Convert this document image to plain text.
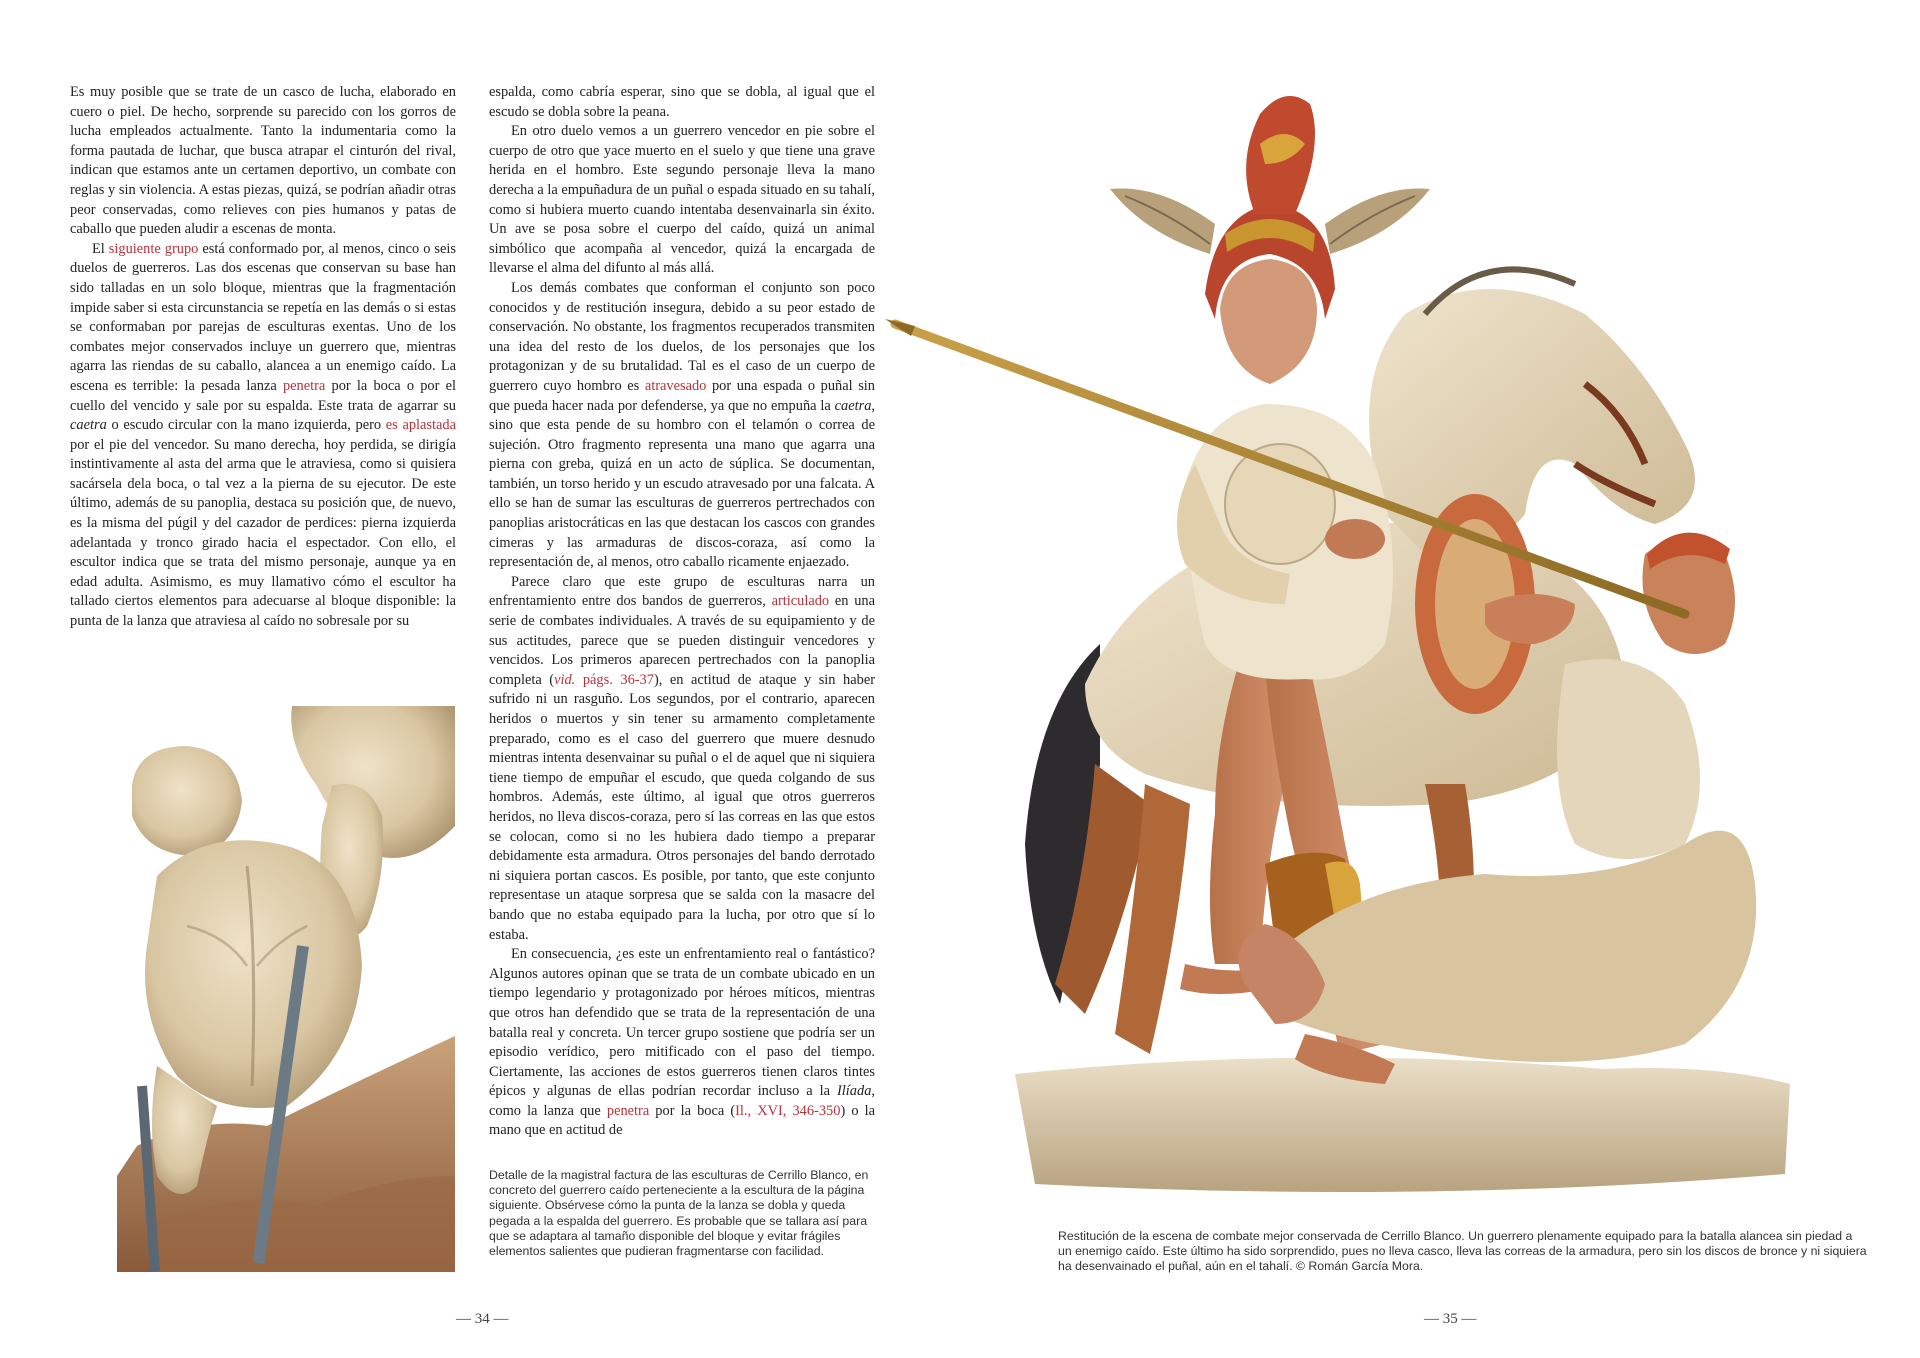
Es muy posible que se trate de un casco de lucha, elaborado en cuero o piel. De hecho, sorprende su parecido con los gorros de lucha empleados actualmente. Tanto la indumentaria como la forma pautada de luchar, que busca atrapar el cinturón del rival, indican que estamos ante un certamen deportivo, un combate con reglas y sin violencia. A estas piezas, quizá, se podrían añadir otras peor conservadas, como relieves con pies humanos y patas de caballo que pueden aludir a escenas de monta.

El siguiente grupo está conformado por, al menos, cinco o seis duelos de guerreros. Las dos escenas que conservan su base han sido talladas en un solo bloque, mientras que la fragmentación impide saber si esta circunstancia se repetía en las demás o si estas se conformaban por parejas de esculturas exentas. Uno de los combates mejor conservados incluye un guerrero que, mientras agarra las riendas de su caballo, alancea a un enemigo caído. La escena es terrible: la pesada lanza penetra por la boca o por el cuello del vencido y sale por su espalda. Este trata de agarrar su caetra o escudo circular con la mano izquierda, pero es aplastada por el pie del vencedor. Su mano derecha, hoy perdida, se dirigía instintivamente al asta del arma que le atraviesa, como si quisiera sacársela dela boca, o tal vez a la pierna de su ejecutor. De este último, además de su panoplia, destaca su posición que, de nuevo, es la misma del púgil y del cazador de perdices: pierna izquierda adelantada y tronco girado hacia el espectador. Con ello, el escultor indica que se trata del mismo personaje, aunque ya en edad adulta. Asimismo, es muy llamativo cómo el escultor ha tallado ciertos elementos para adecuarse al bloque disponible: la punta de la lanza que atraviesa al caído no sobresale por su

espalda, como cabría esperar, sino que se dobla, al igual que el escudo se dobla sobre la peana.

En otro duelo vemos a un guerrero vencedor en pie sobre el cuerpo de otro que yace muerto en el suelo y que tiene una grave herida en el hombro. Este segundo personaje lleva la mano derecha a la empuñadura de un puñal o espada situado en su tahalí, como si hubiera muerto cuando intentaba desenvainarla sin éxito. Un ave se posa sobre el cuerpo del caído, quizá un animal simbólico que acompaña al vencedor, quizá la encargada de llevarse el alma del difunto al más allá.

Los demás combates que conforman el conjunto son poco conocidos y de restitución insegura, debido a su peor estado de conservación. No obstante, los fragmentos recuperados transmiten una idea del resto de los duelos, de los personajes que los protagonizan y de su brutalidad. Tal es el caso de un cuerpo de guerrero cuyo hombro es atravesado por una espada o puñal sin que pueda hacer nada por defenderse, ya que no empuña la caetra, sino que esta pende de su hombro con el telamón o correa de sujeción. Otro fragmento representa una mano que agarra una pierna con greba, quizá en un acto de súplica. Se documentan, también, un torso herido y un escudo atravesado por una falcata. A ello se han de sumar las esculturas de guerreros pertrechados con panoplias aristocráticas en las que destacan los cascos con grandes cimeras y las armaduras de discos-coraza, así como la representación de, al menos, otro caballo ricamente enjaezado.

Parece claro que este grupo de esculturas narra un enfrentamiento entre dos bandos de guerreros, articulado en una serie de combates individuales. A través de su equipamiento y de sus actitudes, parece que se pueden distinguir vencedores y vencidos. Los primeros aparecen pertrechados con la panoplia completa (vid. págs. 36-37), en actitud de ataque y sin haber sufrido ni un rasguño. Los segundos, por el contrario, aparecen heridos o muertos y sin tener su armamento completamente preparado, como es el caso del guerrero que muere desnudo mientras intenta desenvainar su puñal o el de aquel que ni siquiera tiene tiempo de empuñar el escudo, que queda colgando de sus hombros. Además, este último, al igual que otros guerreros heridos, no lleva discos-coraza, pero sí las correas en las que estos se colocan, como si no les hubiera dado tiempo a preparar debidamente esta armadura. Otros personajes del bando derrotado ni siquiera portan cascos. Es posible, por tanto, que este conjunto representase un ataque sorpresa que se salda con la masacre del bando que no estaba equipado para la lucha, por otro que sí lo estaba.

En consecuencia, ¿es este un enfrentamiento real o fantástico? Algunos autores opinan que se trata de un combate ubicado en un tiempo legendario y protagonizado por héroes míticos, mientras que otros han defendido que se trata de la representación de una batalla real y concreta. Un tercer grupo sostiene que podría ser un episodio verídico, pero mitificado con el paso del tiempo. Ciertamente, las acciones de estos guerreros tienen claros tintes épicos y algunas de ellas podrían recordar incluso a la Ilíada, como la lanza que penetra por la boca (Il., XVI, 346-350) o la mano que en actitud de

Detalle de la magistral factura de las esculturas de Cerrillo Blanco, en concreto del guerrero caído perteneciente a la escultura de la página siguiente. Obsérvese cómo la punta de la lanza se dobla y queda pegada a la espalda del guerrero. Es probable que se tallara así para que se adaptara al tamaño disponible del bloque y evitar frágiles elementos salientes que pudieran fragmentarse con facilidad.
— 34 —
Restitución de la escena de combate mejor conservada de Cerrillo Blanco. Un guerrero plenamente equipado para la batalla alancea sin piedad a un enemigo caído. Este último ha sido sorprendido, pues no lleva casco, lleva las correas de la armadura, pero sin los discos de bronce y ni siquiera ha desenvainado el puñal, aún en el tahalí. © Román García Mora.
— 35 —
